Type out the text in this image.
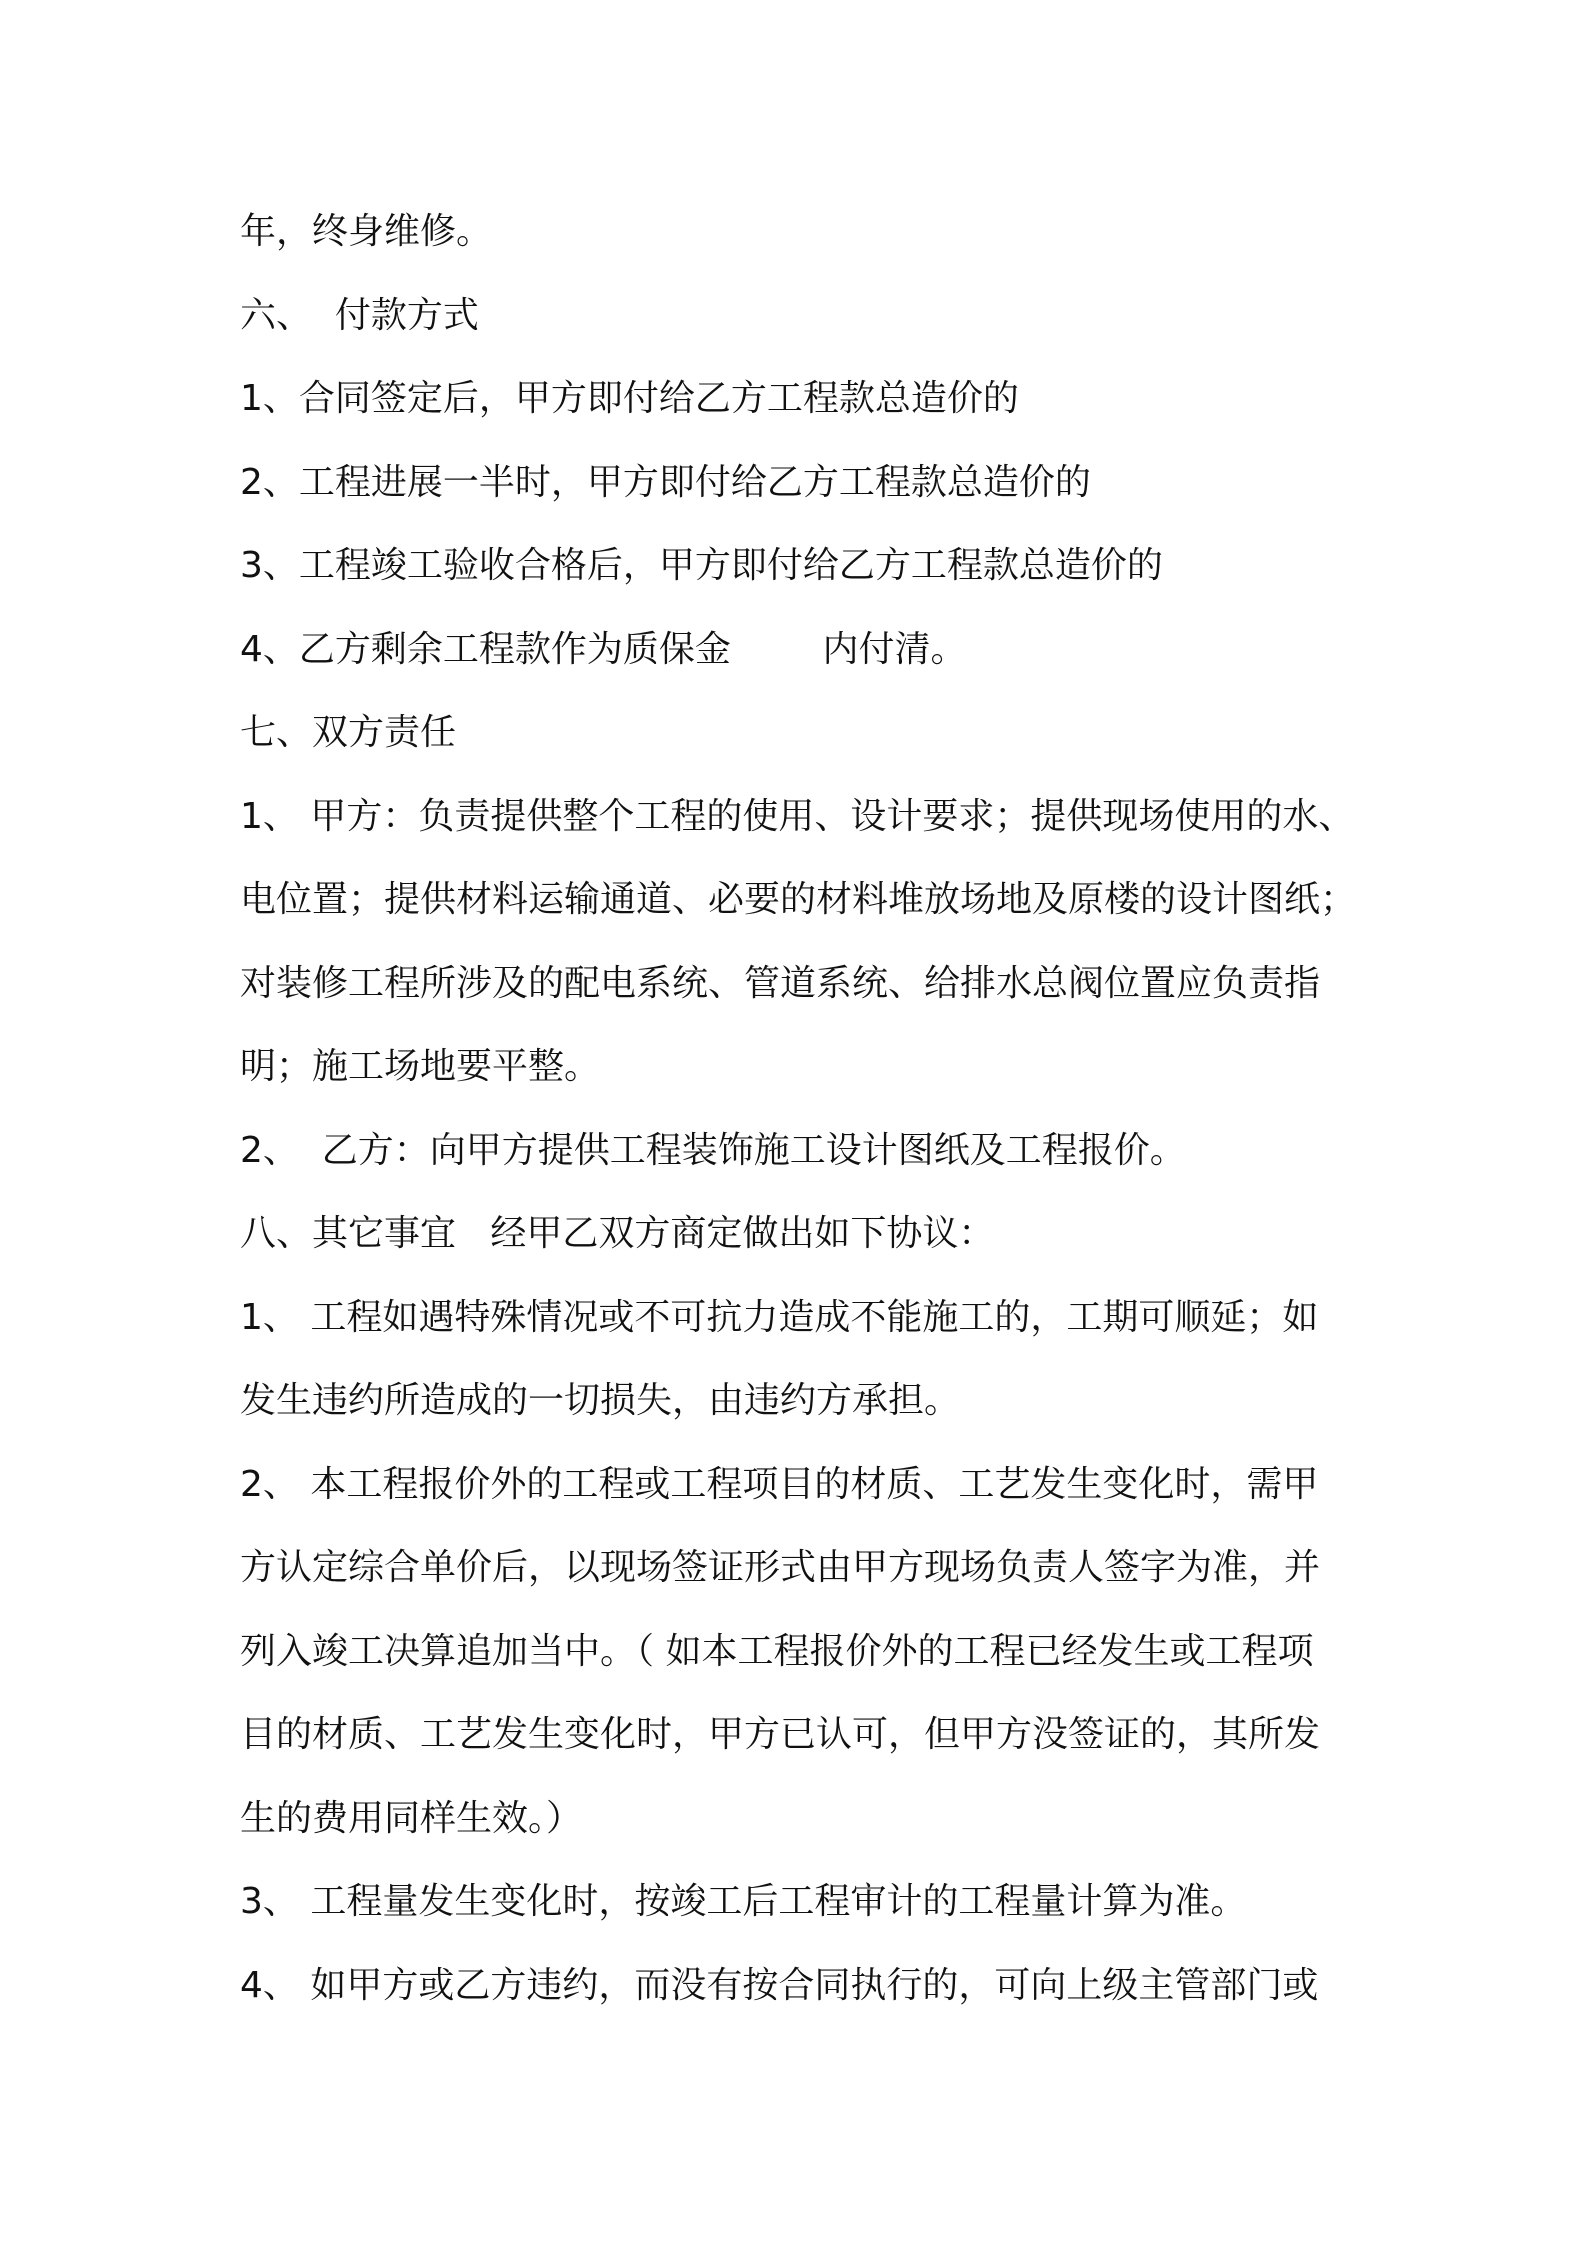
年，终身维修。
六、  付款方式
1、合同签定后，甲方即付给乙方工程款总造价的
2、工程进展一半时，甲方即付给乙方工程款总造价的
3、工程竣工验收合格后，甲方即付给乙方工程款总造价的
4、乙方剩余工程款作为质保金        内付清。
七、双方责任
1、 甲方：负责提供整个工程的使用、设计要求；提供现场使用的水、
电位置；提供材料运输通道、必要的材料堆放场地及原楼的设计图纸；
对装修工程所涉及的配电系统、管道系统、给排水总阀位置应负责指
明；施工场地要平整。
2、  乙方：向甲方提供工程装饰施工设计图纸及工程报价。
八、其它事宜   经甲乙双方商定做出如下协议：
1、 工程如遇特殊情况或不可抗力造成不能施工的，工期可顺延；如
发生违约所造成的一切损失，由违约方承担。
2、 本工程报价外的工程或工程项目的材质、工艺发生变化时，需甲
方认定综合单价后，以现场签证形式由甲方现场负责人签字为准，并
列入竣工决算追加当中。（ 如本工程报价外的工程已经发生或工程项
目的材质、工艺发生变化时，甲方已认可，但甲方没签证的，其所发
生的费用同样生效。）
3、 工程量发生变化时，按竣工后工程审计的工程量计算为准。
4、 如甲方或乙方违约，而没有按合同执行的，可向上级主管部门或
